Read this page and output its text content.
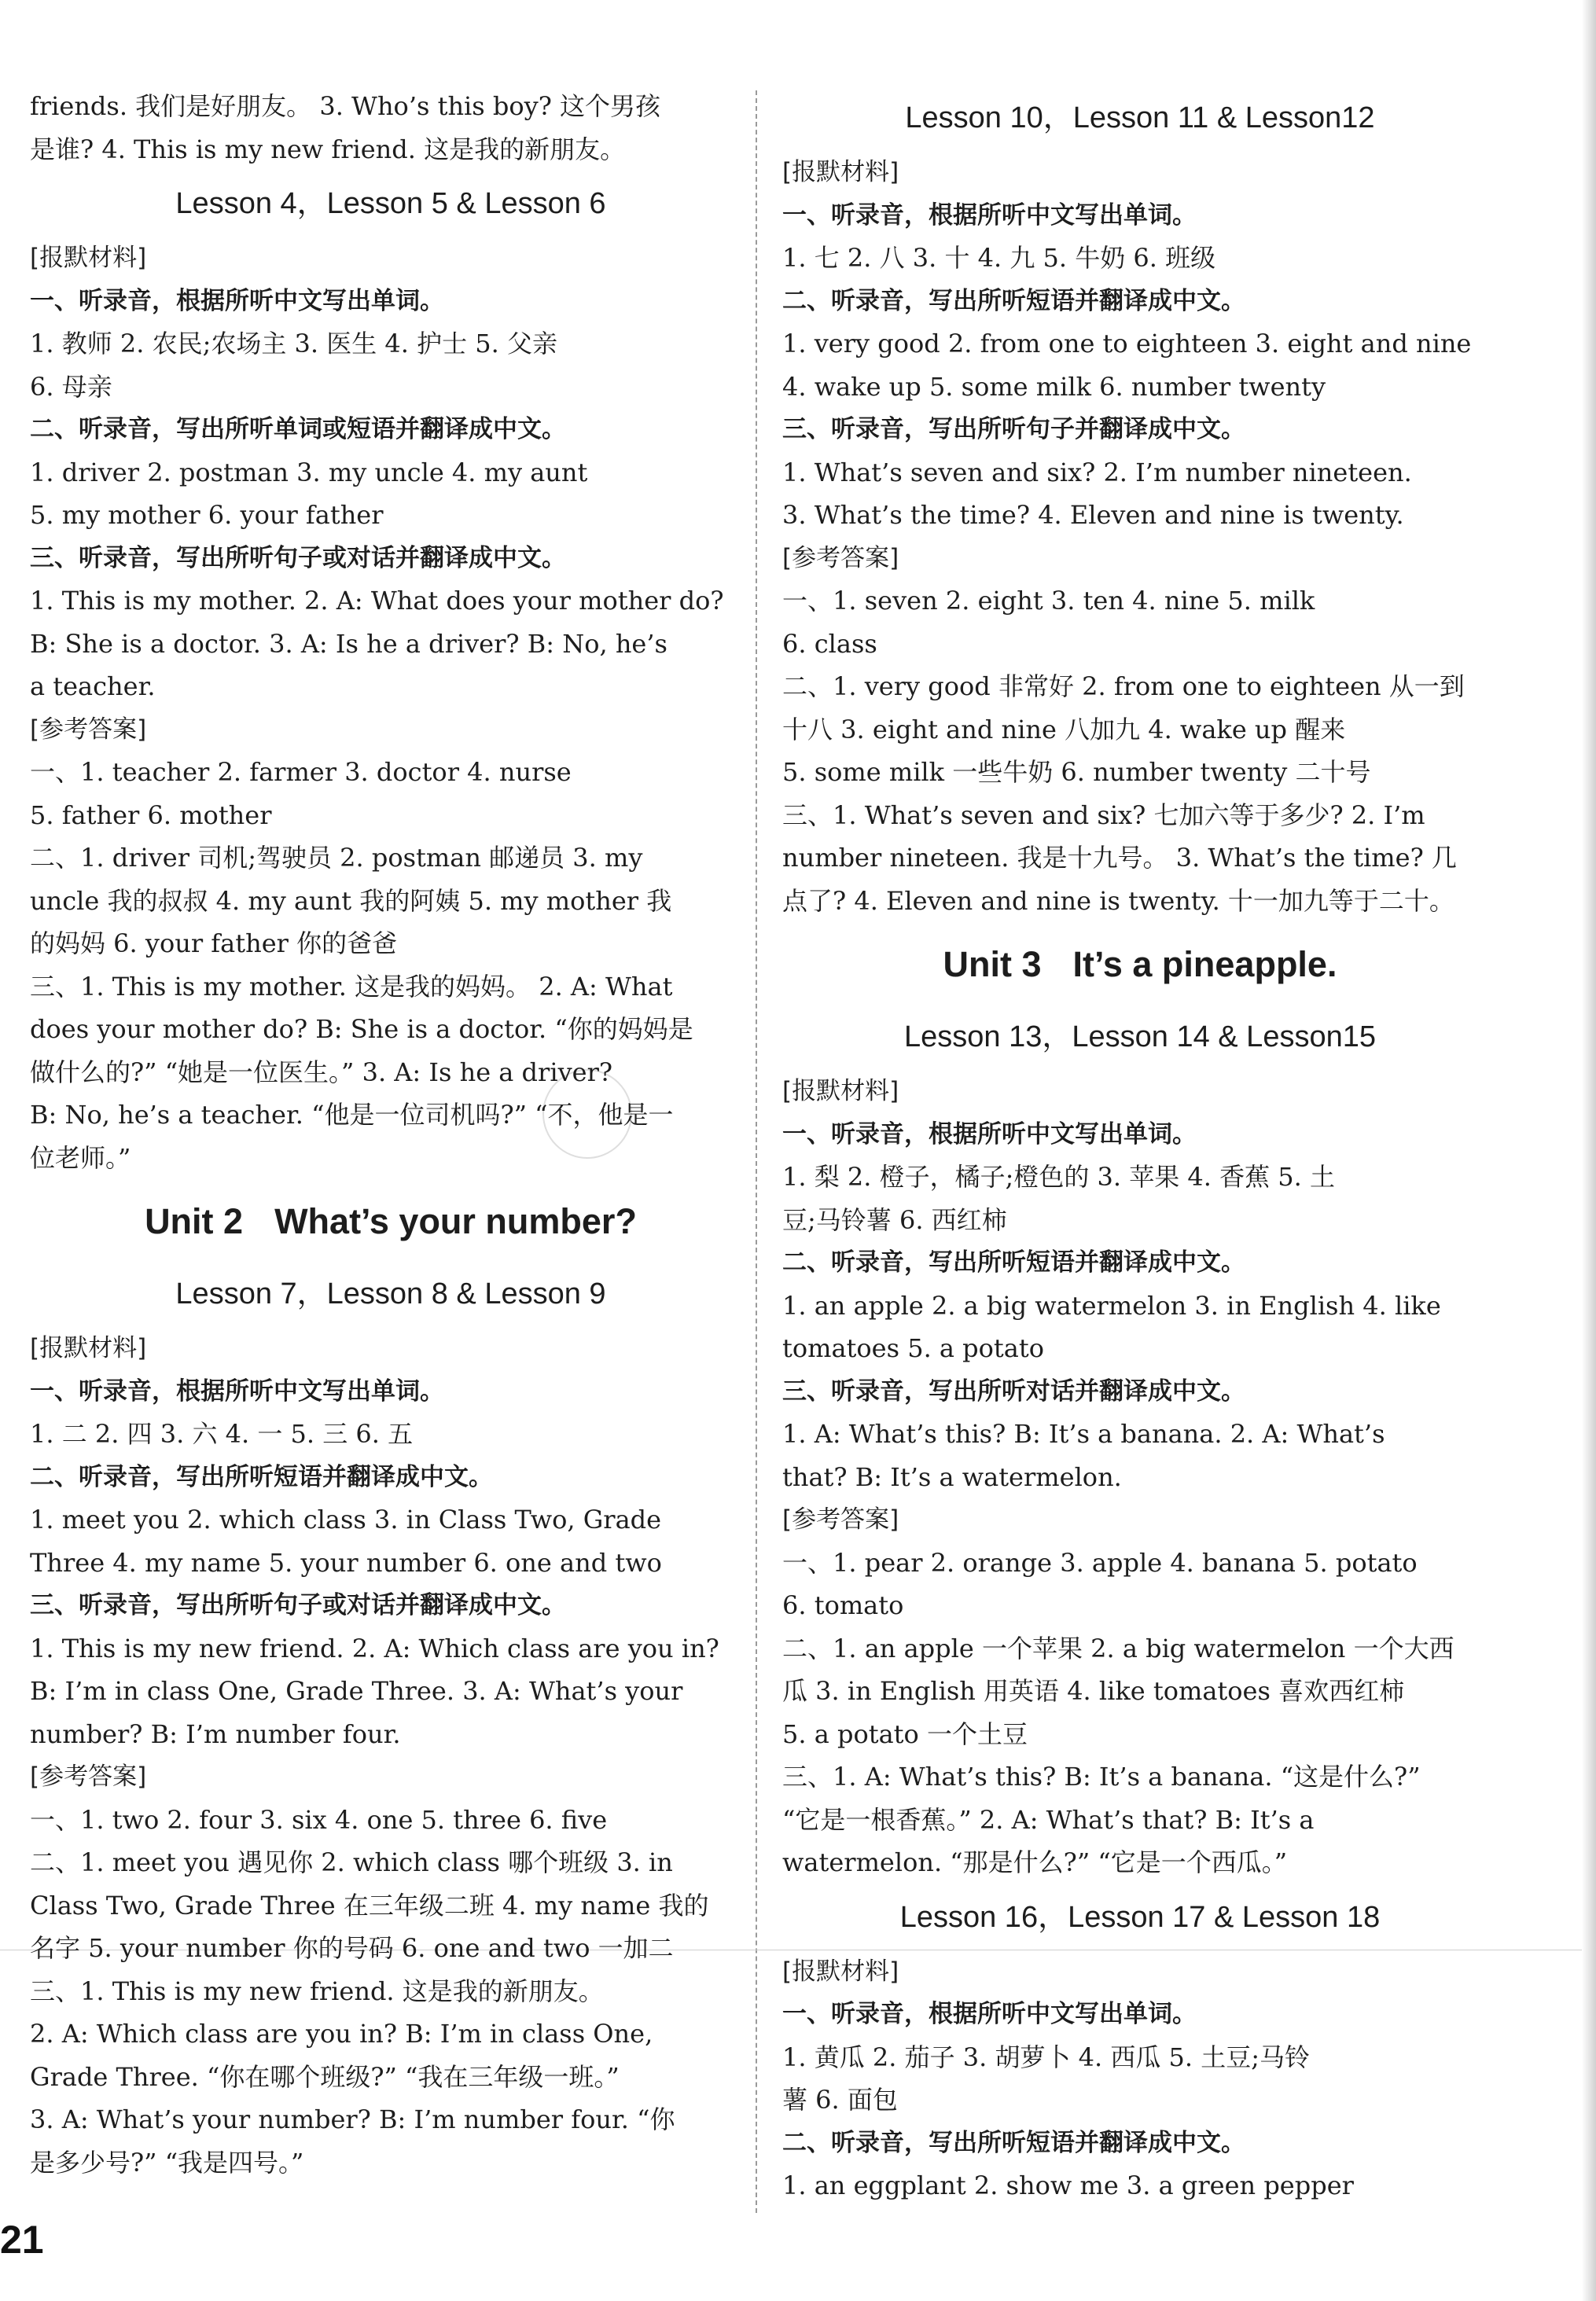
friends. 我们是好朋友。 3. Who’s this boy? 这个男孩
是谁? 4. This is my new friend. 这是我的新朋友。
Lesson 4，Lesson 5 & Lesson 6
[报默材料]
一、听录音，根据所听中文写出单词。
1. 教师 2. 农民;农场主 3. 医生 4. 护士 5. 父亲
6. 母亲
二、听录音，写出所听单词或短语并翻译成中文。
1. driver 2. postman 3. my uncle 4. my aunt
5. my mother 6. your father
三、听录音，写出所听句子或对话并翻译成中文。
1. This is my mother. 2. A: What does your mother do?
B: She is a doctor. 3. A: Is he a driver? B: No, he’s
a teacher.
[参考答案]
一、1. teacher 2. farmer 3. doctor 4. nurse
5. father 6. mother
二、1. driver 司机;驾驶员 2. postman 邮递员 3. my
uncle 我的叔叔 4. my aunt 我的阿姨 5. my mother 我
的妈妈 6. your father 你的爸爸
三、1. This is my mother. 这是我的妈妈。 2. A: What
does your mother do? B: She is a doctor. “你的妈妈是
做什么的?” “她是一位医生。” 3. A: Is he a driver?
B: No, he’s a teacher. “他是一位司机吗?” “不，他是一
位老师。”
Unit 2 What’s your number?
Lesson 7，Lesson 8 & Lesson 9
[报默材料]
一、听录音，根据所听中文写出单词。
1. 二 2. 四 3. 六 4. 一 5. 三 6. 五
二、听录音，写出所听短语并翻译成中文。
1. meet you 2. which class 3. in Class Two, Grade
Three 4. my name 5. your number 6. one and two
三、听录音，写出所听句子或对话并翻译成中文。
1. This is my new friend. 2. A: Which class are you in?
B: I’m in class One, Grade Three. 3. A: What’s your
number? B: I’m number four.
[参考答案]
一、1. two 2. four 3. six 4. one 5. three 6. five
二、1. meet you 遇见你 2. which class 哪个班级 3. in
Class Two, Grade Three 在三年级二班 4. my name 我的
名字 5. your number 你的号码 6. one and two 一加二
三、1. This is my new friend. 这是我的新朋友。
2. A: Which class are you in? B: I’m in class One,
Grade Three. “你在哪个班级?” “我在三年级一班。”
3. A: What’s your number? B: I’m number four. “你
是多少号?” “我是四号。”
Lesson 10，Lesson 11 & Lesson12
[报默材料]
一、听录音，根据所听中文写出单词。
1. 七 2. 八 3. 十 4. 九 5. 牛奶 6. 班级
二、听录音，写出所听短语并翻译成中文。
1. very good 2. from one to eighteen 3. eight and nine
4. wake up 5. some milk 6. number twenty
三、听录音，写出所听句子并翻译成中文。
1. What’s seven and six? 2. I’m number nineteen.
3. What’s the time? 4. Eleven and nine is twenty.
[参考答案]
一、1. seven 2. eight 3. ten 4. nine 5. milk
6. class
二、1. very good 非常好 2. from one to eighteen 从一到
十八 3. eight and nine 八加九 4. wake up 醒来
5. some milk 一些牛奶 6. number twenty 二十号
三、1. What’s seven and six? 七加六等于多少? 2. I’m
number nineteen. 我是十九号。 3. What’s the time? 几
点了? 4. Eleven and nine is twenty. 十一加九等于二十。
Unit 3 It’s a pineapple.
Lesson 13，Lesson 14 & Lesson15
[报默材料]
一、听录音，根据所听中文写出单词。
1. 梨 2. 橙子，橘子;橙色的 3. 苹果 4. 香蕉 5. 土
豆;马铃薯 6. 西红柿
二、听录音，写出所听短语并翻译成中文。
1. an apple 2. a big watermelon 3. in English 4. like
tomatoes 5. a potato
三、听录音，写出所听对话并翻译成中文。
1. A: What’s this? B: It’s a banana. 2. A: What’s
that? B: It’s a watermelon.
[参考答案]
一、1. pear 2. orange 3. apple 4. banana 5. potato
6. tomato
二、1. an apple 一个苹果 2. a big watermelon 一个大西
瓜 3. in English 用英语 4. like tomatoes 喜欢西红柿
5. a potato 一个土豆
三、1. A: What’s this? B: It’s a banana. “这是什么?”
“它是一根香蕉。” 2. A: What’s that? B: It’s a
watermelon. “那是什么?” “它是一个西瓜。”
Lesson 16，Lesson 17 & Lesson 18
[报默材料]
一、听录音，根据所听中文写出单词。
1. 黄瓜 2. 茄子 3. 胡萝卜 4. 西瓜 5. 土豆;马铃
薯 6. 面包
二、听录音，写出所听短语并翻译成中文。
1. an eggplant 2. show me 3. a green pepper
21
